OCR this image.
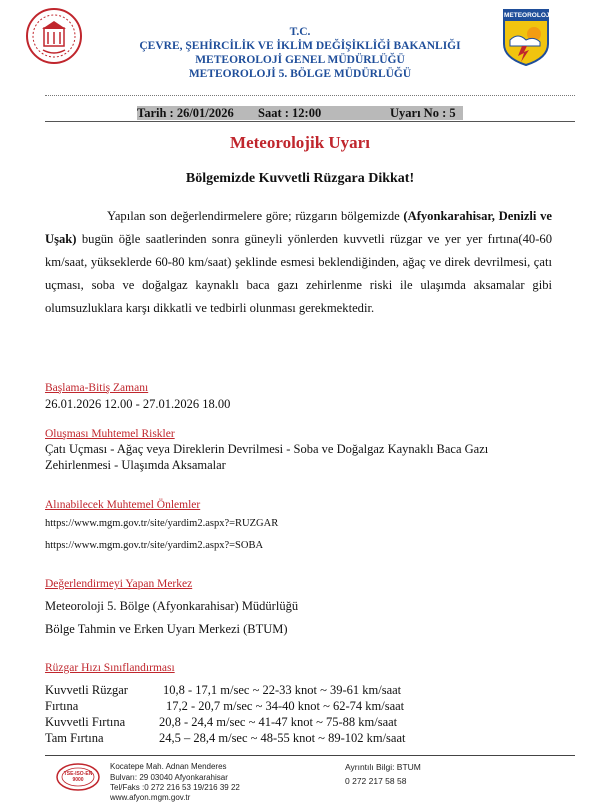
T.C.
ÇEVRE, ŞEHİRCİLİK VE İKLİM DEĞİŞİKLİĞİ BAKANLIĞI
METEOROLOJİ GENEL MÜDÜRLÜĞÜ
METEOROLOJİ 5. BÖLGE MÜDÜRLÜĞÜ
METEOROLOJİ
Tarih : 26/01/2026 Saat : 12:00	Uyarı No : 5
Meteorolojik Uyarı
Bölgemizde Kuvvetli Rüzgara Dikkat!
Yapılan son değerlendirmelere göre; rüzgarın bölgemizde (Afyonkarahisar, Denizli ve Uşak) bugün öğle saatlerinden sonra güneyli yönlerden kuvvetli rüzgar ve yer yer fırtına(40-60 km/saat, yükseklerde 60-80 km/saat) şeklinde esmesi beklendiğinden, ağaç ve direk devrilmesi, çatı uçması, soba ve doğalgaz kaynaklı baca gazı zehirlenme riski ile ulaşımda aksamalar gibi olumsuzluklara karşı dikkatli ve tedbirli olunması gerekmektedir.
Başlama-Bitiş Zamanı
26.01.2026 12.00 - 27.01.2026 18.00
Oluşması Muhtemel Riskler
Çatı Uçması - Ağaç veya Direklerin Devrilmesi - Soba ve Doğalgaz Kaynaklı Baca Gazı
Zehirlenmesi - Ulaşımda Aksamalar
Alınabilecek Muhtemel Önlemler
https://www.mgm.gov.tr/site/yardim2.aspx?=RUZGAR
https://www.mgm.gov.tr/site/yardim2.aspx?=SOBA
Değerlendirmeyi Yapan Merkez
Meteoroloji 5. Bölge (Afyonkarahisar) Müdürlüğü
Bölge Tahmin ve Erken Uyarı Merkezi (BTUM)
Rüzgar Hızı Sınıflandırması
Kuvvetli Rüzgar	10,8 - 17,1 m/sec ~ 22-33 knot ~ 39-61 km/saat
Fırtına	17,2 - 20,7 m/sec ~ 34-40 knot ~ 62-74 km/saat
Kuvvetli Fırtına	20,8 - 24,4 m/sec ~ 41-47 knot ~ 75-88 km/saat
Tam Fırtına	24,5 – 28,4 m/sec ~ 48-55 knot ~ 89-102 km/saat
TSE-ISO-EN 9000
Kocatepe Mah. Adnan Menderes
Bulvarı: 29 03040 Afyonkarahisar
Tel/Faks :0 272 216 53 19/216 39 22
www.afyon.mgm.gov.tr
Ayrıntılı Bilgi: BTUM
0 272 217 58 58
